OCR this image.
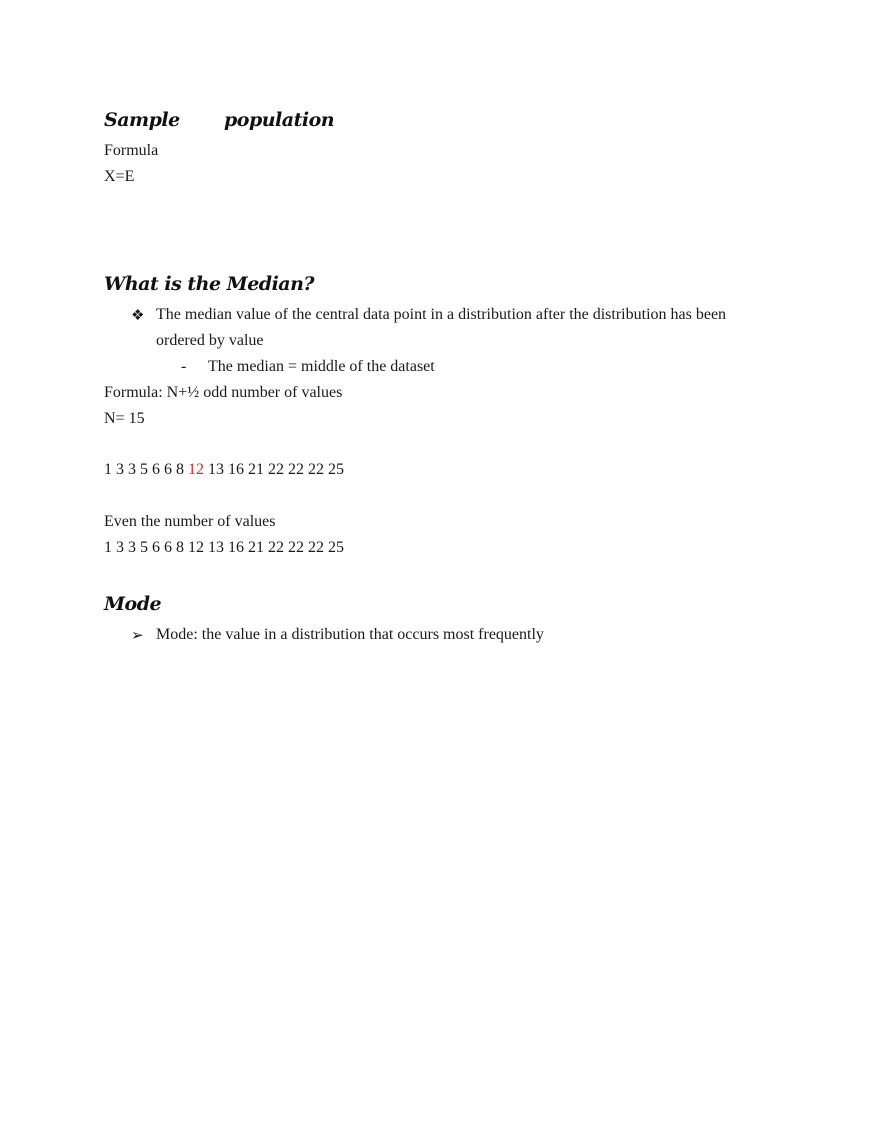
Sample population
Formula
X=E
What is the Median?
❖ The median value of the central data point in a distribution after the distribution has been ordered by value
- The median = middle of the dataset
Formula: N+½ odd number of values
N= 15
1 3 3 5 6 6 8 12 13 16 21 22 22 22 25
Even the number of values
1 3 3 5 6 6 8 12 13 16 21 22 22 22 25
Mode
➢ Mode: the value in a distribution that occurs most frequently
